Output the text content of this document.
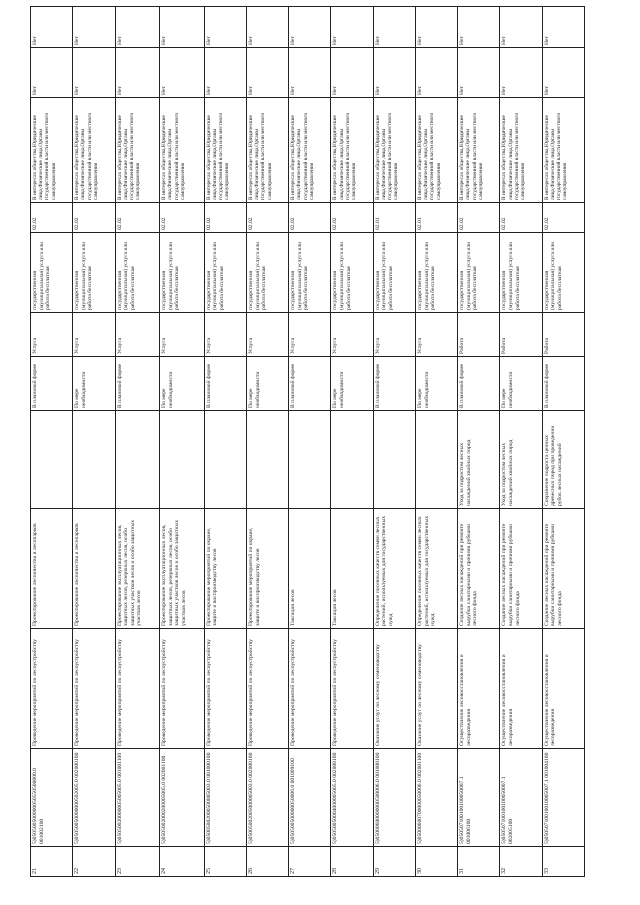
21	5)050500500000050550500000.0 001002100	Проведение мероприятий по лесоустройству	Проектирование лесничества и лесопарков		В плановой форме	Услуга	государственная (муниципальная) услуга или работа бесплатная	02.02	В интересах общества,Юридические лица,Физические лица,Органы государственной власти или местного самоуправления	Нет	Нет
22	5)05050050000000502005.0 002000100	Проведение мероприятий по лесоустройству	Проектирование лесничества и лесопарков		По мере необходимости	Услуга	государственная (муниципальная) услуга или работа бесплатная	02.02	В интересах общества,Юридические лица,Физические лица,Органы государственной власти или местного самоуправления	Нет	Нет
23	5)05050020000005005005.0 001001100	Проведение мероприятий по лесоустройству	Проектирование эксплуатационных лесов, защитных лесов, резервных лесов, особо защитных участков лесов и особо защитных участков лесов		В плановой форме	Услуга	государственная (муниципальная) услуга или работа бесплатная	02.02	В интересах общества,Юридические лица,Физические лица,Органы государственной власти или местного самоуправления	Нет	Нет
24	5)0505002000200005005.0 002001100	Проведение мероприятий по лесоустройству	Проектирование эксплуатационных лесов, защитных лесов, резервных лесов, особо защитных участков лесов и особо защитных участков лесов		По мере необходимости	Услуга	государственная (муниципальная) услуга или работа бесплатная	02.02	В интересах общества,Юридические лица,Физические лица,Органы государственной власти или местного самоуправления	Нет	Нет
25	5)05005002000500005003.0 001000100	Проведение мероприятий по лесоустройству	Проектирование мероприятий по охране, защите и воспроизводству лесов		В плановой форме	Услуга	государственная (муниципальная) услуга или работа бесплатная	02.02	В интересах общества,Юридические лица,Физические лица,Органы государственной власти или местного самоуправления	Нет	Нет
26	5)05005002005000005003.0 002000100	Проведение мероприятий по лесоустройству	Проектирование мероприятий по охране, защите и воспроизводству лесов		По мере необходимости	Услуга	государственная (муниципальная) услуга или работа бесплатная	02.02	В интересах общества,Юридические лица,Физические лица,Органы государственной власти или местного самоуправления	Нет	Нет
27	5)050500500000050006.0 001009100	Проведение мероприятий по лесоустройству	Таксация лесов		В плановой форме	Услуга	государственная (муниципальная) услуга или работа бесплатная	02.02	В интересах общества,Юридические лица,Физические лица,Органы государственной власти или местного самоуправления	Нет	Нет
28	5)05050050004000005005.0 002008100	Проведение мероприятий по лесоустройству	Таксация лесов		По мере необходимости	Услуга	государственная (муниципальная) услуга или работа бесплатная	02.02	В интересах общества,Юридические лица,Физические лица,Органы государственной власти или местного самоуправления	Нет	Нет
29	5)05000600000000500006.0 001008100	Оказание услуг по лесному семеноводству	Определение посевных качеств семян лесных растений, используемых для государственных нужд		В плановой форме	Услуга	государственная (муниципальная) услуга или работа бесплатная	02.01	В интересах общества,Юридические лица,Физические лица,Органы государственной власти или местного самоуправления	Нет	Нет
30	5)05000600700000050006.0 002001100	Оказание услуг по лесному семеноводству	Определение посевных качеств семян лесных растений, используемых для государственных нужд		По мере необходимости	Услуга	государственная (муниципальная) услуга или работа бесплатная	02.01	В интересах общества,Юридические лица,Физические лица,Органы государственной власти или местного самоуправления	Нет	Нет
31	5)050507100100100050007.1 001006100	Осуществление лесовосстановления и лесоразведения	Создание лесных насаждений при ремонте вырубки санитарными и прочими рубками лесного фонда	Уход за подростом лесных насаждений хвойных пород	В плановой форме	Работа	государственная (муниципальная) услуга или работа бесплатная	02.02	В интересах общества,Юридические лица,Физические лица,Органы государственной власти или местного самоуправления	Нет	Нет
32	5)050507100100100050007.1 002005100	Осуществление лесовосстановления и лесоразведения	Создание лесных насаждений при ремонте вырубки санитарными и прочими рубками лесного фонда	Уход за подростом лесных насаждений хвойных пород	По мере необходимости	Работа	государственная (муниципальная) услуга или работа бесплатная	02.02	В интересах общества,Юридические лица,Физические лица,Органы государственной власти или местного самоуправления	Нет	Нет
33	5)05050710010010005007.1 001004100	Осуществление лесовосстановления и лесоразведения	Создание лесных насаждений при ремонте вырубки санитарными и прочими рубками лесного фонда	Сохранение подроста ценных древесных пород при проведении рубок лесных насаждений	В плановой форме	Работа	государственная (муниципальная) услуга или работа бесплатная	02.02	В интересах общества,Юридические лица,Физические лица,Органы государственной власти или местного самоуправления	Нет	Нет
